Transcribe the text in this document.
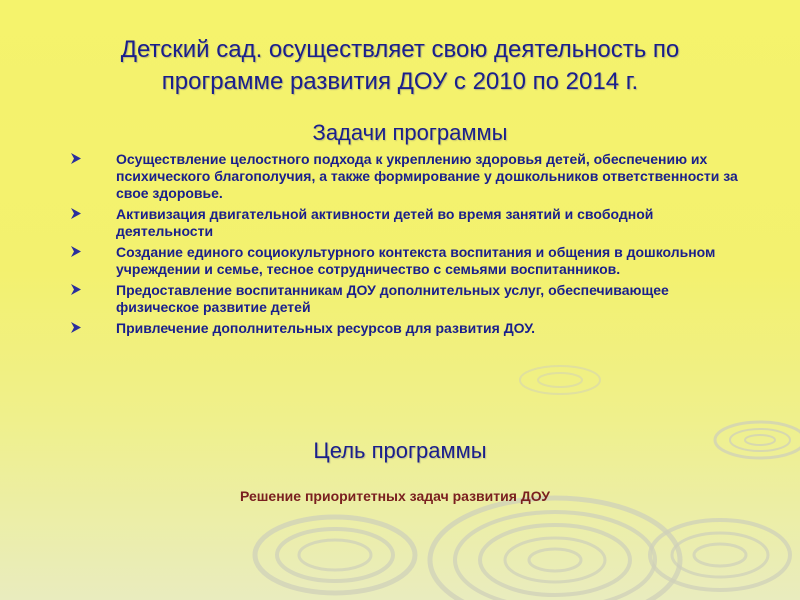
Детский сад. осуществляет свою деятельность по
программе развития ДОУ с 2010 по 2014 г.
Задачи программы
Осуществление целостного подхода к укреплению здоровья детей, обеспечению их психического благополучия, а также формирование у дошкольников ответственности за свое здоровье.
Активизация двигательной активности детей во время занятий и свободной деятельности
Создание единого социокультурного контекста воспитания и общения в дошкольном учреждении и семье, тесное сотрудничество с семьями воспитанников.
Предоставление воспитанникам ДОУ дополнительных услуг, обеспечивающее физическое развитие детей
Привлечение дополнительных ресурсов для развития ДОУ.
Цель программы
Решение приоритетных задач развития ДОУ
